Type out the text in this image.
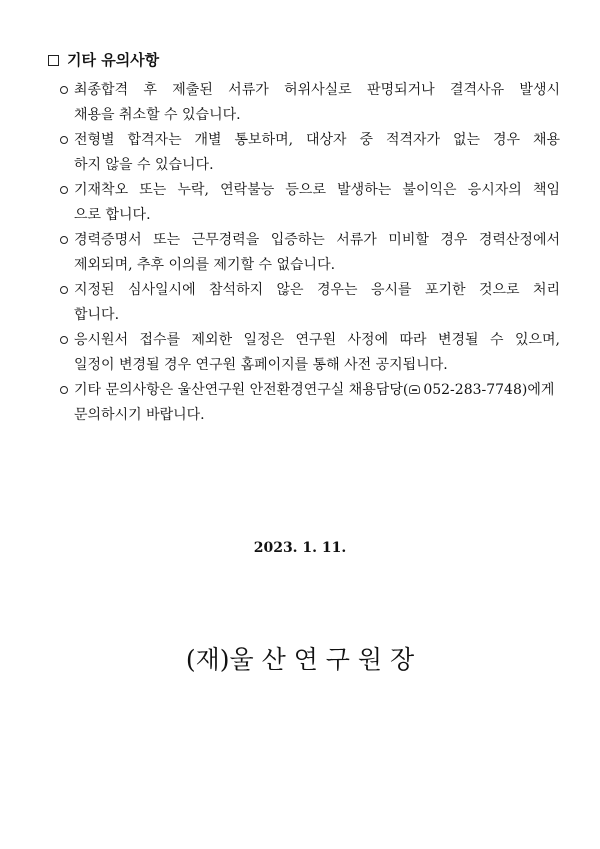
기타 유의사항

최종합격 후 제출된 서류가 허위사실로 판명되거나 결격사유 발생시
채용을 취소할 수 있습니다.

전형별 합격자는 개별 통보하며, 대상자 중 적격자가 없는 경우 채용
하지 않을 수 있습니다.

기재착오 또는 누락, 연락불능 등으로 발생하는 불이익은 응시자의 책임
으로 합니다.

경력증명서 또는 근무경력을 입증하는 서류가 미비할 경우 경력산정에서
제외되며, 추후 이의를 제기할 수 없습니다.

지정된 심사일시에 참석하지 않은 경우는 응시를 포기한 것으로 처리
합니다.

응시원서 접수를 제외한 일정은 연구원 사정에 따라 변경될 수 있으며,
일정이 변경될 경우 연구원 홈페이지를 통해 사전 공지됩니다.

기타 문의사항은 울산연구원 안전환경연구실 채용담당( 052-283-7748)에게
문의하시기 바랍니다.

2023. 1. 11.
(재)울 산 연 구 원 장
